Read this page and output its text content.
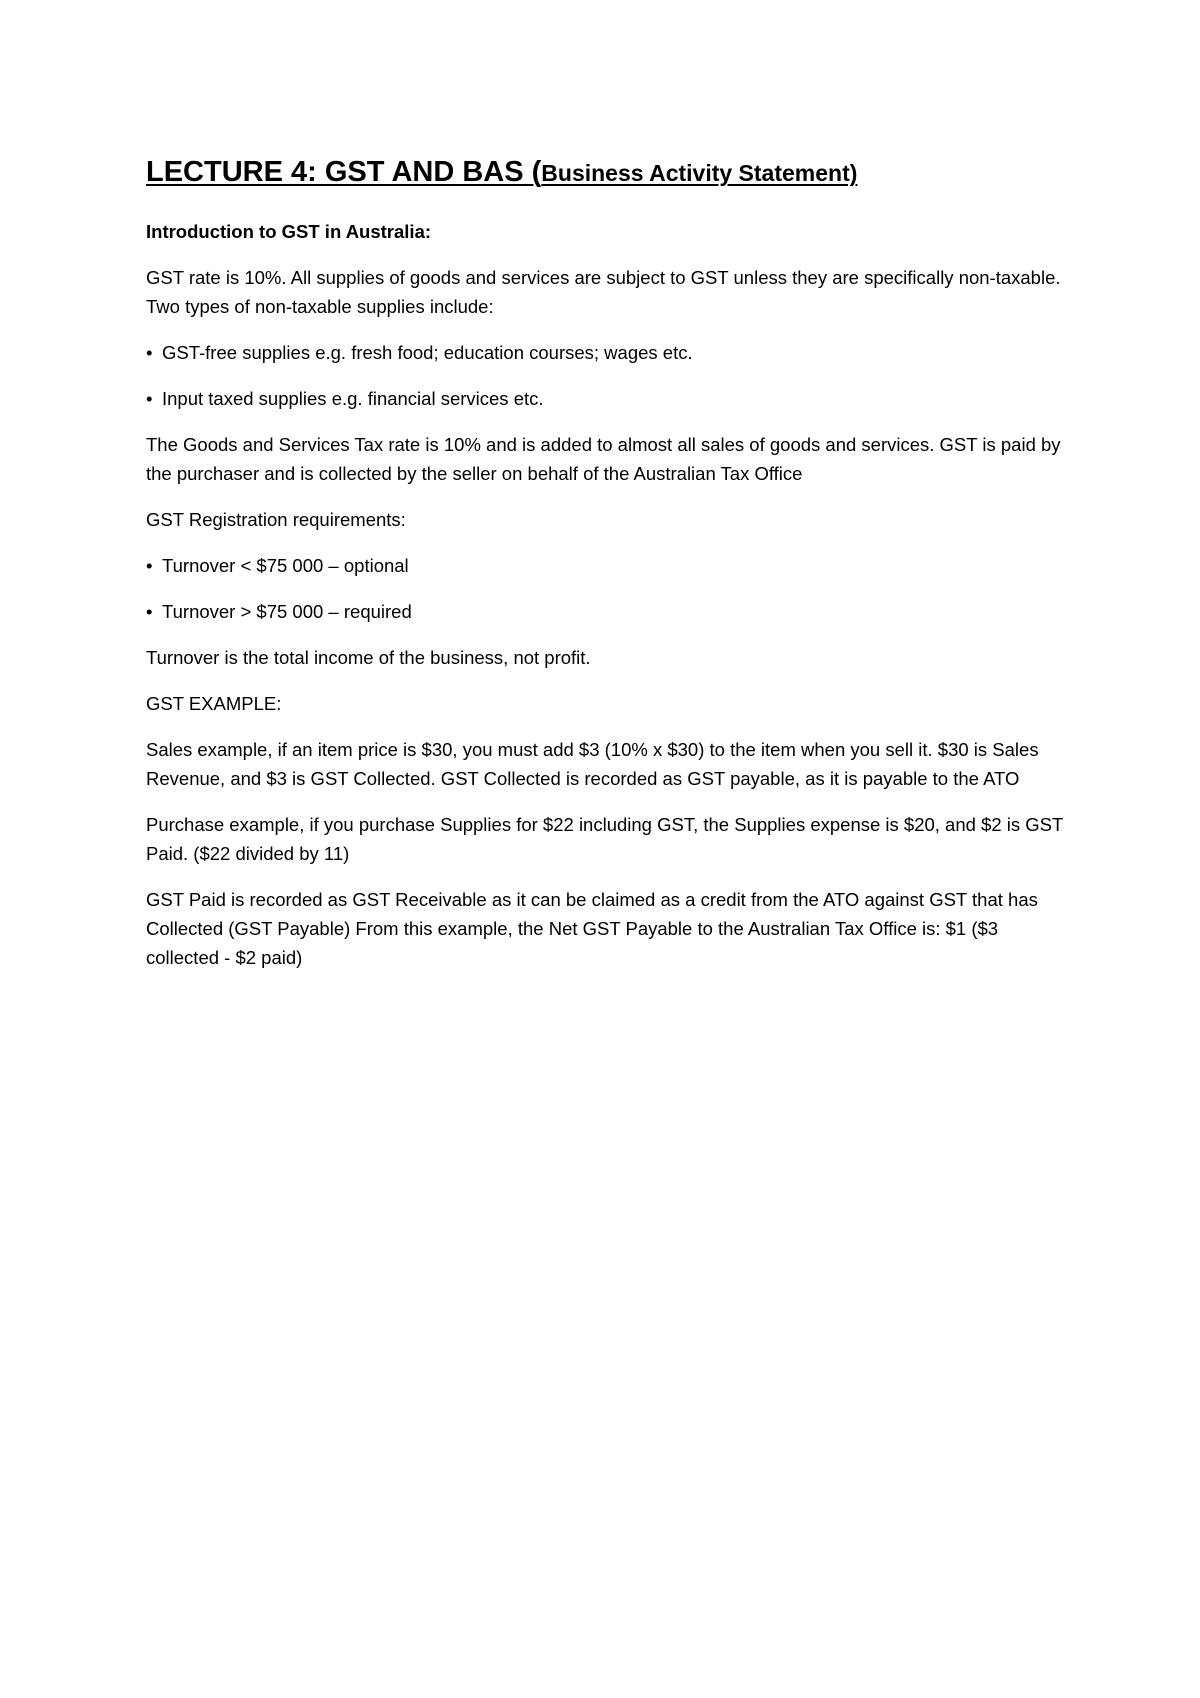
LECTURE 4: GST AND BAS (Business Activity Statement)

Introduction to GST in Australia:

GST rate is 10%. All supplies of goods and services are subject to GST unless they are specifically non-taxable. Two types of non-taxable supplies include:

• GST-free supplies e.g. fresh food; education courses; wages etc.

• Input taxed supplies e.g. financial services etc.

The Goods and Services Tax rate is 10% and is added to almost all sales of goods and services. GST is paid by the purchaser and is collected by the seller on behalf of the Australian Tax Office

GST Registration requirements:

• Turnover < $75 000 – optional

• Turnover > $75 000 – required

Turnover is the total income of the business, not profit.

GST EXAMPLE:

Sales example, if an item price is $30, you must add $3 (10% x $30) to the item when you sell it. $30 is Sales Revenue, and $3 is GST Collected. GST Collected is recorded as GST payable, as it is payable to the ATO

Purchase example, if you purchase Supplies for $22 including GST, the Supplies expense is $20, and $2 is GST Paid. ($22 divided by 11)

GST Paid is recorded as GST Receivable as it can be claimed as a credit from the ATO against GST that has Collected (GST Payable) From this example, the Net GST Payable to the Australian Tax Office is: $1 ($3 collected - $2 paid)
